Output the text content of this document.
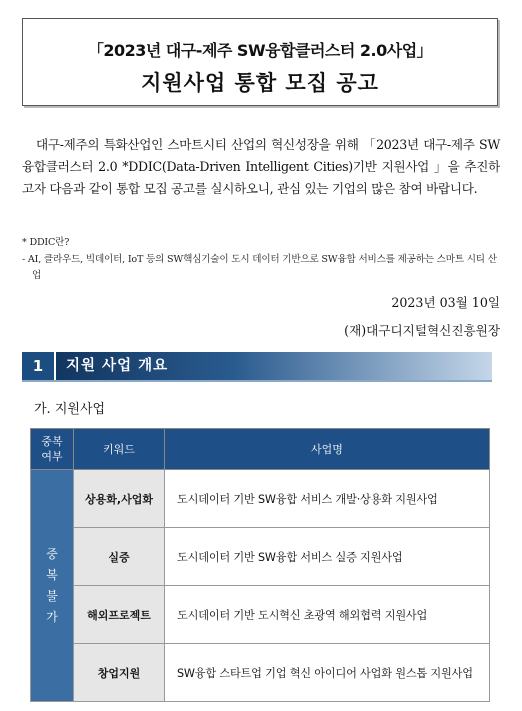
「2023년 대구-제주 SW융합클러스터 2.0사업」
지원사업 통합 모집 공고
대구-제주의 특화산업인 스마트시티 산업의 혁신성장을 위해 「2023년 대구-제주 SW융합클러스터 2.0 *DDIC(Data-Driven Intelligent Cities)기반 지원사업 」을 추진하고자 다음과 같이 통합 모집 공고를 실시하오니, 관심 있는 기업의 많은 참여 바랍니다.
* DDIC란?
- AI, 클라우드, 빅데이터, IoT 등의 SW핵심기술이 도시 데이터 기반으로 SW융합 서비스를 제공하는 스마트 시티 산업
2023년 03월 10일
(재)대구디지털혁신진흥원장
1	지원 사업 개요
가. 지원사업
중복
여부	키워드	사업명
중
복
불
가	상용화,사업화	도시데이터 기반 SW융합 서비스 개발·상용화 지원사업
	실증	도시데이터 기반 SW융합 서비스 실증 지원사업
	해외프로젝트	도시데이터 기반 도시혁신 초광역 해외협력 지원사업
	창업지원	SW융합 스타트업 기업 혁신 아이디어 사업화 원스톱 지원사업
